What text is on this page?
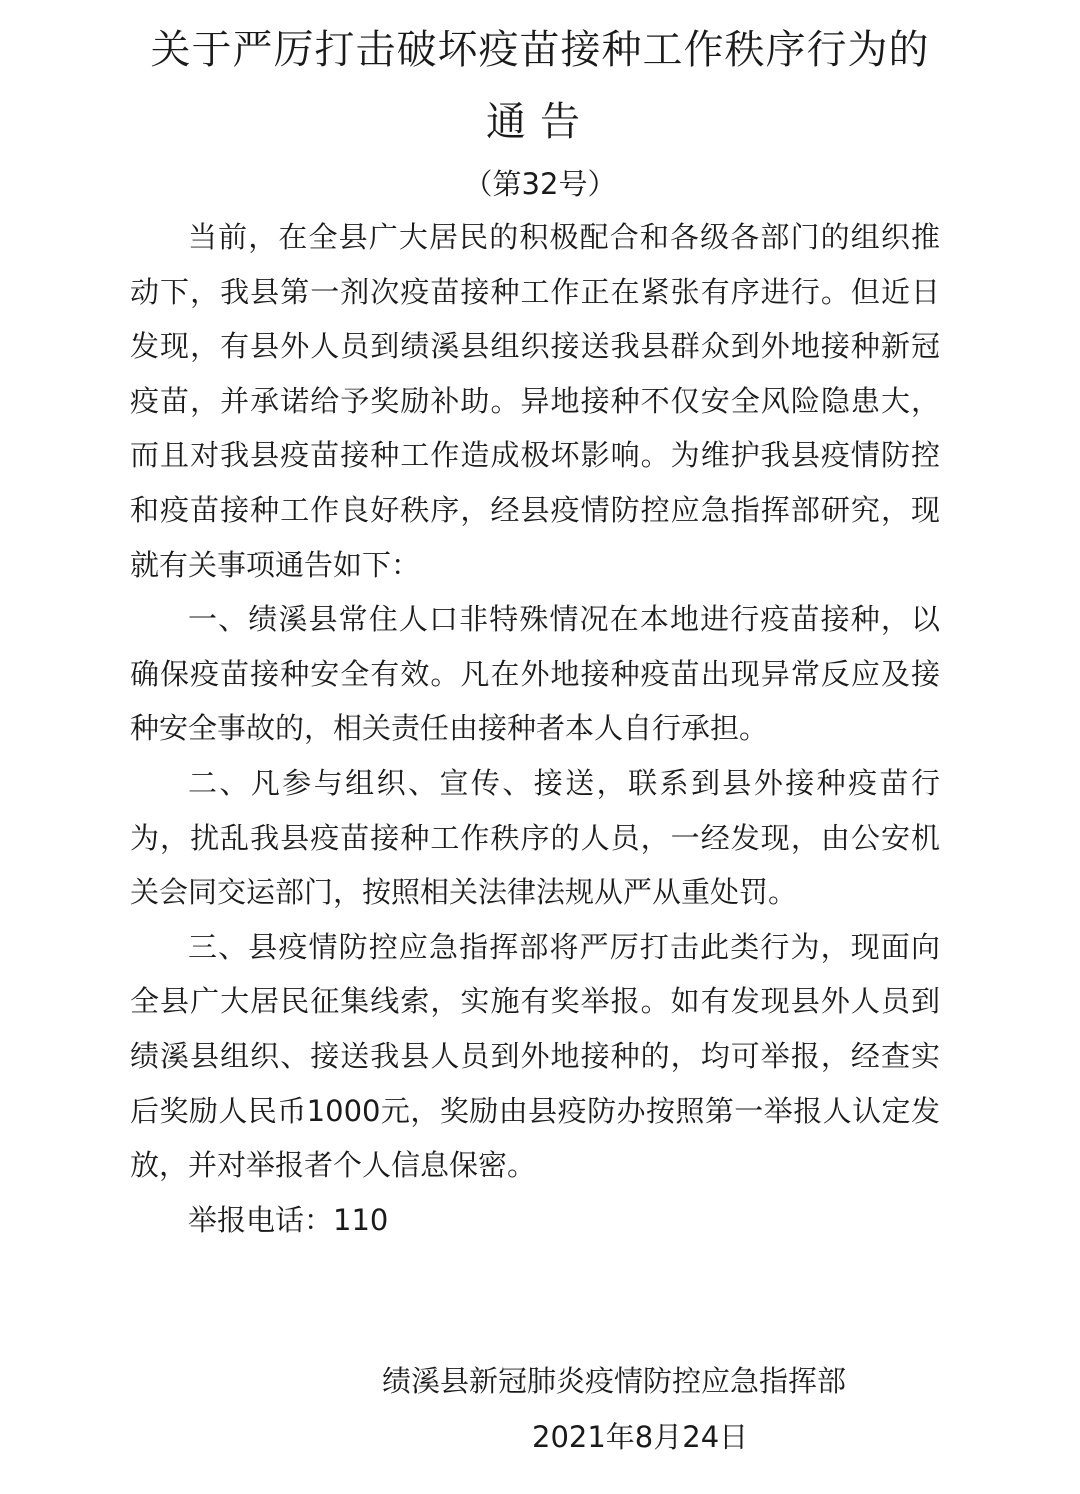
关于严厉打击破坏疫苗接种工作秩序行为的
通告
（第32号）

当前，在全县广大居民的积极配合和各级各部门的组织推动下，我县第一剂次疫苗接种工作正在紧张有序进行。但近日发现，有县外人员到绩溪县组织接送我县群众到外地接种新冠疫苗，并承诺给予奖励补助。异地接种不仅安全风险隐患大，而且对我县疫苗接种工作造成极坏影响。为维护我县疫情防控和疫苗接种工作良好秩序，经县疫情防控应急指挥部研究，现就有关事项通告如下：

一、绩溪县常住人口非特殊情况在本地进行疫苗接种，以确保疫苗接种安全有效。凡在外地接种疫苗出现异常反应及接种安全事故的，相关责任由接种者本人自行承担。

二、凡参与组织、宣传、接送，联系到县外接种疫苗行为，扰乱我县疫苗接种工作秩序的人员，一经发现，由公安机关会同交运部门，按照相关法律法规从严从重处罚。

三、县疫情防控应急指挥部将严厉打击此类行为，现面向全县广大居民征集线索，实施有奖举报。如有发现县外人员到绩溪县组织、接送我县人员到外地接种的，均可举报，经查实后奖励人民币1000元，奖励由县疫防办按照第一举报人认定发放，并对举报者个人信息保密。

举报电话：110

绩溪县新冠肺炎疫情防控应急指挥部
2021年8月24日
